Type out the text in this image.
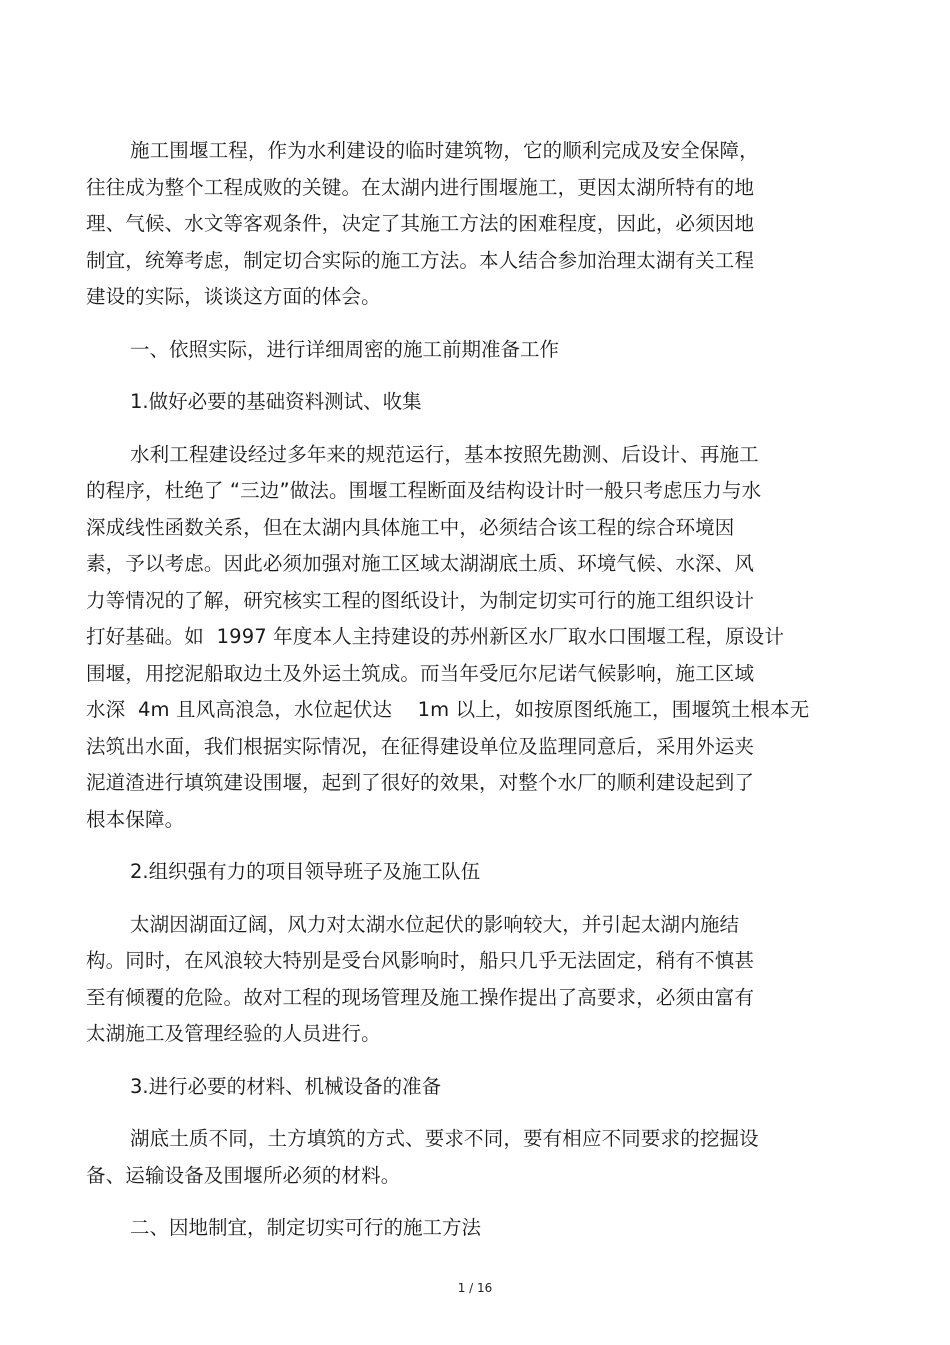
施工围堰工程，作为水利建设的临时建筑物，它的顺利完成及安全保障，
往往成为整个工程成败的关键。在太湖内进行围堰施工，更因太湖所特有的地
理、气候、水文等客观条件，决定了其施工方法的困难程度，因此，必须因地
制宜，统筹考虑，制定切合实际的施工方法。本人结合参加治理太湖有关工程
建设的实际，谈谈这方面的体会。
一、依照实际，进行详细周密的施工前期准备工作
1.做好必要的基础资料测试、收集
水利工程建设经过多年来的规范运行，基本按照先勘测、后设计、再施工
的程序，杜绝了 “三边”做法。围堰工程断面及结构设计时一般只考虑压力与水
深成线性函数关系，但在太湖内具体施工中，必须结合该工程的综合环境因
素，予以考虑。因此必须加强对施工区域太湖湖底土质、环境气候、水深、风
力等情况的了解，研究核实工程的图纸设计，为制定切实可行的施工组织设计
打好基础。如  1997 年度本人主持建设的苏州新区水厂取水口围堰工程，原设计
围堰，用挖泥船取边土及外运土筑成。而当年受厄尔尼诺气候影响，施工区域
水深  4m 且风高浪急，水位起伏达    1m 以上，如按原图纸施工，围堰筑土根本无
法筑出水面，我们根据实际情况，在征得建设单位及监理同意后，采用外运夹
泥道渣进行填筑建设围堰，起到了很好的效果，对整个水厂的顺利建设起到了
根本保障。
2.组织强有力的项目领导班子及施工队伍
太湖因湖面辽阔，风力对太湖水位起伏的影响较大，并引起太湖内施结
构。同时，在风浪较大特别是受台风影响时，船只几乎无法固定，稍有不慎甚
至有倾覆的危险。故对工程的现场管理及施工操作提出了高要求，必须由富有
太湖施工及管理经验的人员进行。
3.进行必要的材料、机械设备的准备
湖底土质不同，土方填筑的方式、要求不同，要有相应不同要求的挖掘设
备、运输设备及围堰所必须的材料。
二、因地制宜，制定切实可行的施工方法
1 / 16
